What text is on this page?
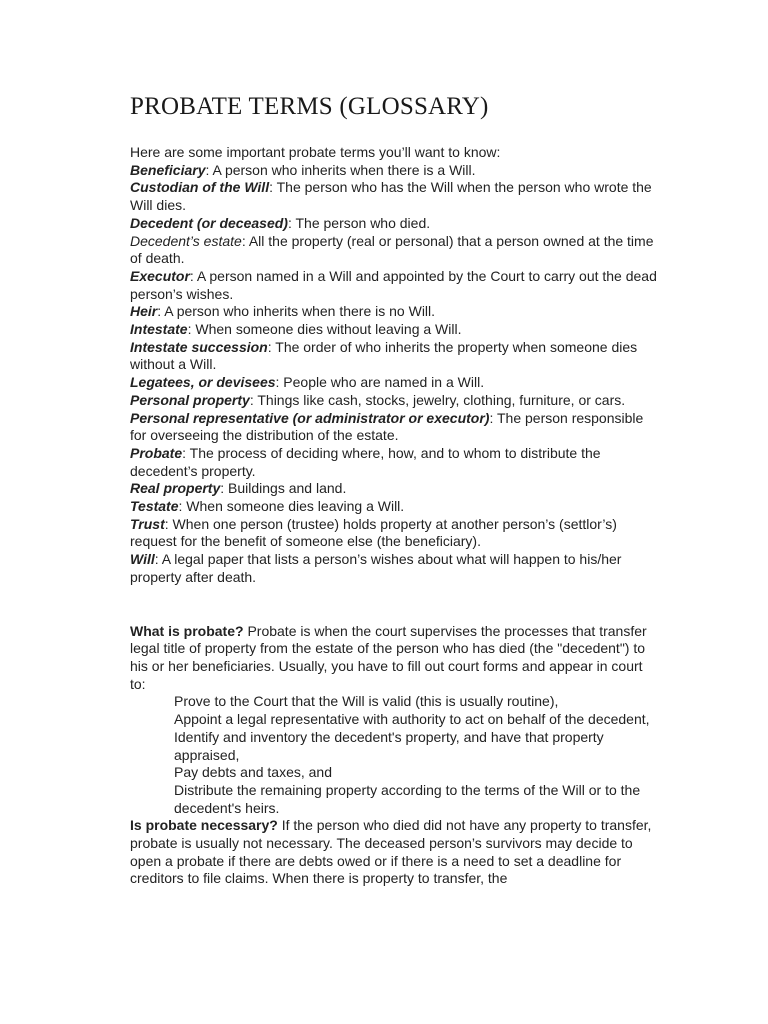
PROBATE TERMS (GLOSSARY)

Here are some important probate terms you’ll want to know:

Beneficiary: A person who inherits when there is a Will.
Custodian of the Will: The person who has the Will when the person who wrote the Will dies.
Decedent (or deceased): The person who died.
Decedent’s estate: All the property (real or personal) that a person owned at the time of death.
Executor: A person named in a Will and appointed by the Court to carry out the dead person’s wishes.
Heir: A person who inherits when there is no Will.
Intestate: When someone dies without leaving a Will.
Intestate succession: The order of who inherits the property when someone dies without a Will.
Legatees, or devisees: People who are named in a Will.
Personal property: Things like cash, stocks, jewelry, clothing, furniture, or cars.
Personal representative (or administrator or executor): The person responsible for overseeing the distribution of the estate.
Probate: The process of deciding where, how, and to whom to distribute the decedent’s property.
Real property: Buildings and land.
Testate: When someone dies leaving a Will.
Trust: When one person (trustee) holds property at another person’s (settlor’s) request for the benefit of someone else (the beneficiary).
Will: A legal paper that lists a person’s wishes about what will happen to his/her property after death.

What is probate? Probate is when the court supervises the processes that transfer legal title of property from the estate of the person who has died (the "decedent") to his or her beneficiaries. Usually, you have to fill out court forms and appear in court to:

Prove to the Court that the Will is valid (this is usually routine),
Appoint a legal representative with authority to act on behalf of the decedent,
Identify and inventory the decedent's property, and have that property appraised,
Pay debts and taxes, and
Distribute the remaining property according to the terms of the Will or to the decedent's heirs.

Is probate necessary? If the person who died did not have any property to transfer, probate is usually not necessary. The deceased person’s survivors may decide to open a probate if there are debts owed or if there is a need to set a deadline for creditors to file claims. When there is property to transfer, the
